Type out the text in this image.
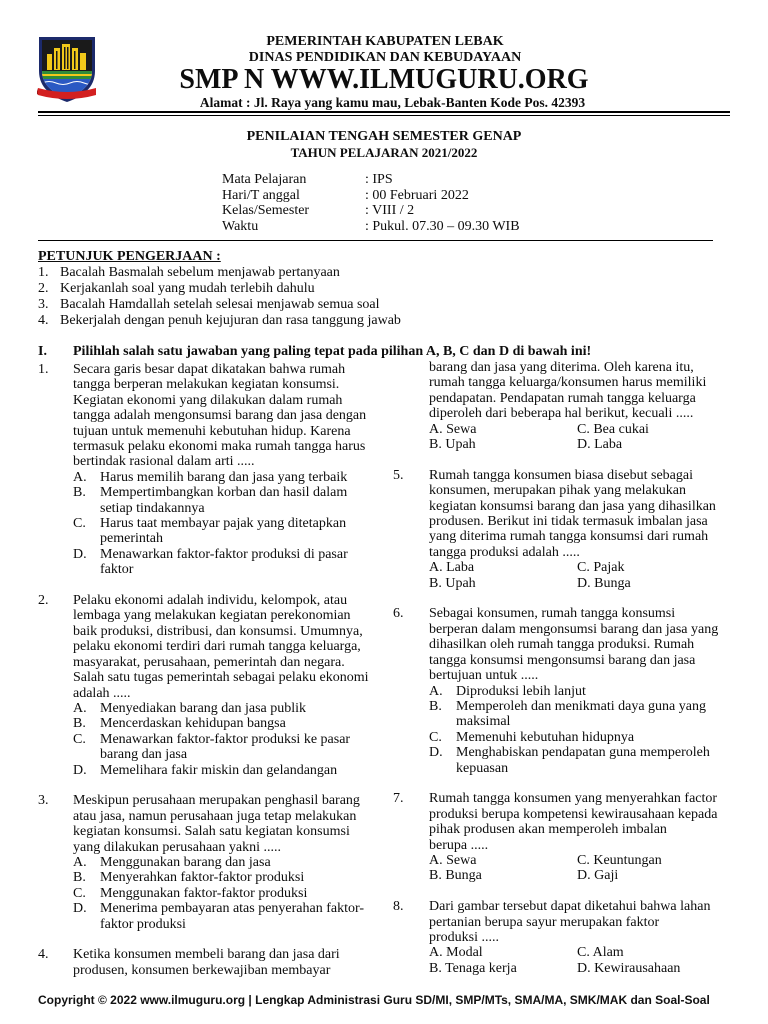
PEMERINTAH KABUPATEN LEBAK
DINAS PENDIDIKAN DAN KEBUDAYAAN
SMP N WWW.ILMUGURU.ORG
Alamat : Jl. Raya yang kamu mau, Lebak-Banten Kode Pos. 42393
PENILAIAN TENGAH SEMESTER GENAP
TAHUN PELAJARAN 2021/2022
Mata Pelajaran	: IPS
Hari/T anggal	: 00 Februari 2022
Kelas/Semester	: VIII / 2
Waktu	: Pukul. 07.30 – 09.30 WIB
PETUNJUK PENGERJAAN :
1. Bacalah Basmalah sebelum menjawab pertanyaan
2. Kerjakanlah soal yang mudah terlebih dahulu
3. Bacalah Hamdallah setelah selesai menjawab semua soal
4. Bekerjalah dengan penuh kejujuran dan rasa tanggung jawab
I.	Pilihlah salah satu jawaban yang paling tepat pada pilihan A, B, C dan D di bawah ini!
1.	Secara garis besar dapat dikatakan bahwa rumah
tangga berperan melakukan kegiatan konsumsi.
Kegiatan ekonomi yang dilakukan dalam rumah
tangga adalah mengonsumsi barang dan jasa dengan
tujuan untuk memenuhi kebutuhan hidup. Karena
termasuk pelaku ekonomi maka rumah tangga harus
bertindak rasional dalam arti .....
A. Harus memilih barang dan jasa yang terbaik
B.	Mempertimbangkan korban dan hasil dalam
setiap tindakannya
C.	Harus taat membayar pajak yang ditetapkan
pemerintah
D. Menawarkan faktor-faktor produksi di pasar
faktor
2.	Pelaku ekonomi adalah individu, kelompok, atau
lembaga yang melakukan kegiatan perekonomian
baik produksi, distribusi, dan konsumsi. Umumnya,
pelaku ekonomi terdiri dari rumah tangga keluarga,
masyarakat, perusahaan, pemerintah dan negara.
Salah satu tugas pemerintah sebagai pelaku ekonomi
adalah .....
A. Menyediakan barang dan jasa publik
B.	Mencerdaskan kehidupan bangsa
C.	Menawarkan faktor-faktor produksi ke pasar
barang dan jasa
D. Memelihara fakir miskin dan gelandangan
3.	Meskipun perusahaan merupakan penghasil barang
atau jasa, namun perusahaan juga tetap melakukan
kegiatan konsumsi. Salah satu kegiatan konsumsi
yang dilakukan perusahaan yakni .....
A. Menggunakan barang dan jasa
B.	Menyerahkan faktor-faktor produksi
C.	Menggunakan faktor-faktor produksi
D. Menerima pembayaran atas penyerahan faktor-
faktor produksi
4.	Ketika konsumen membeli barang dan jasa dari
produsen, konsumen berkewajiban membayar
barang dan jasa yang diterima. Oleh karena itu,
rumah tangga keluarga/konsumen harus memiliki
pendapatan. Pendapatan rumah tangga keluarga
diperoleh dari beberapa hal berikut, kecuali .....
A. Sewa	C. Bea cukai
B. Upah	D. Laba
5.	Rumah tangga konsumen biasa disebut sebagai
konsumen, merupakan pihak yang melakukan
kegiatan konsumsi barang dan jasa yang dihasilkan
produsen. Berikut ini tidak termasuk imbalan jasa
yang diterima rumah tangga konsumsi dari rumah
tangga produksi adalah .....
A. Laba	C. Pajak
B. Upah	D. Bunga
6.	Sebagai konsumen, rumah tangga konsumsi
berperan dalam mengonsumsi barang dan jasa yang
dihasilkan oleh rumah tangga produksi. Rumah
tangga konsumsi mengonsumsi barang dan jasa
bertujuan untuk .....
A. Diproduksi lebih lanjut
B.	Memperoleh dan menikmati daya guna yang
maksimal
C.	Memenuhi kebutuhan hidupnya
D. Menghabiskan pendapatan guna memperoleh
kepuasan
7.	Rumah tangga konsumen yang menyerahkan factor
produksi berupa kompetensi kewirausahaan kepada
pihak produsen akan memperoleh imbalan
berupa .....
A. Sewa	C. Keuntungan
B. Bunga	D. Gaji
8.	Dari gambar tersebut dapat diketahui bahwa lahan
pertanian berupa sayur merupakan faktor
produksi .....
A. Modal	C. Alam
B. Tenaga kerja	D. Kewirausahaan
Copyright © 2022 www.ilmuguru.org | Lengkap Administrasi Guru SD/MI, SMP/MTs, SMA/MA, SMK/MAK dan Soal-Soal
